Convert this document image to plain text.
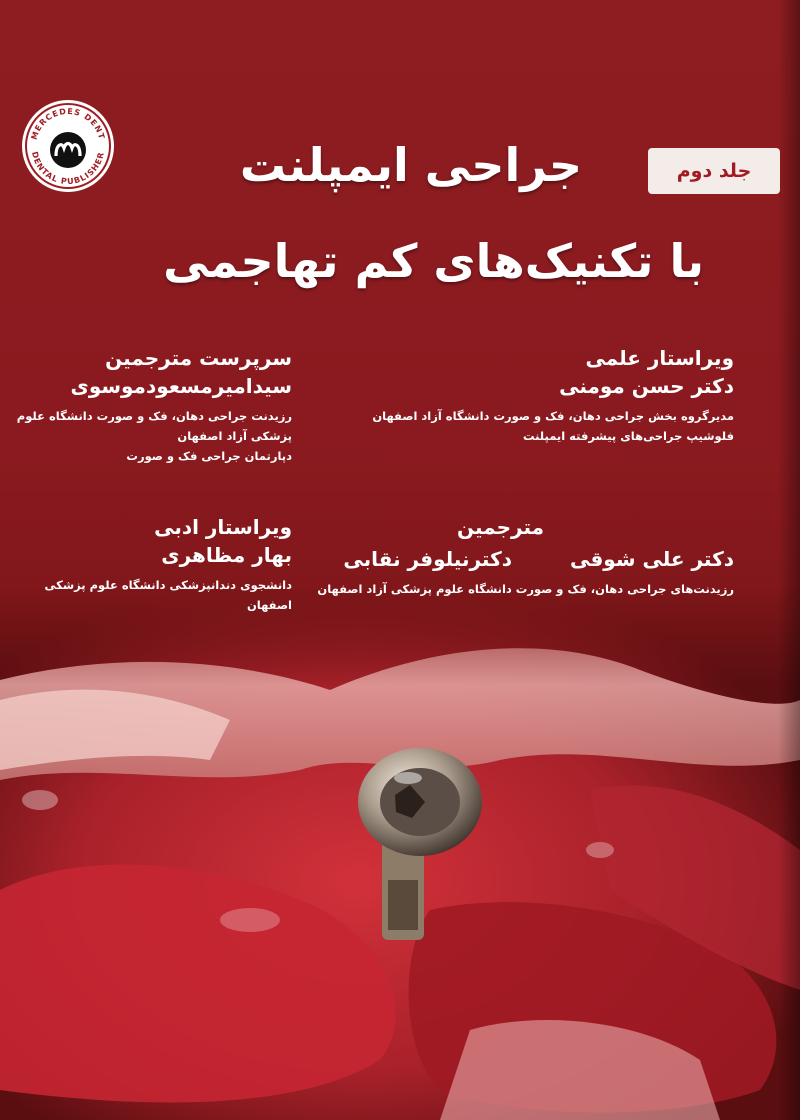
MERCEDES DENT
DENTAL PUBLISHER	جراحی ایمپلنت
با تکنیک‌های کم تهاجمی
جلد دوم
ویراستار علمی
دکتر حسن مومنی
مدیرگروه بخش جراحی دهان، فک و صورت دانشگاه آزاد اصفهان
فلوشیپ جراحی‌های پیشرفته ایمپلنت
سرپرست مترجمین
سیدامیرمسعودموسوی
رزیدنت جراحی دهان، فک و صورت دانشگاه علوم پزشکی آزاد اصفهان
دپارتمان جراحی فک و صورت
مترجمین
دکتر علی شوقی
دکترنیلوفر نقابی
رزیدنت‌های جراحی دهان، فک و صورت دانشگاه علوم پزشکی آزاد اصفهان
ویراستار ادبی
بهار مظاهری
دانشجوی دندانپزشکی دانشگاه علوم پزشکی اصفهان
